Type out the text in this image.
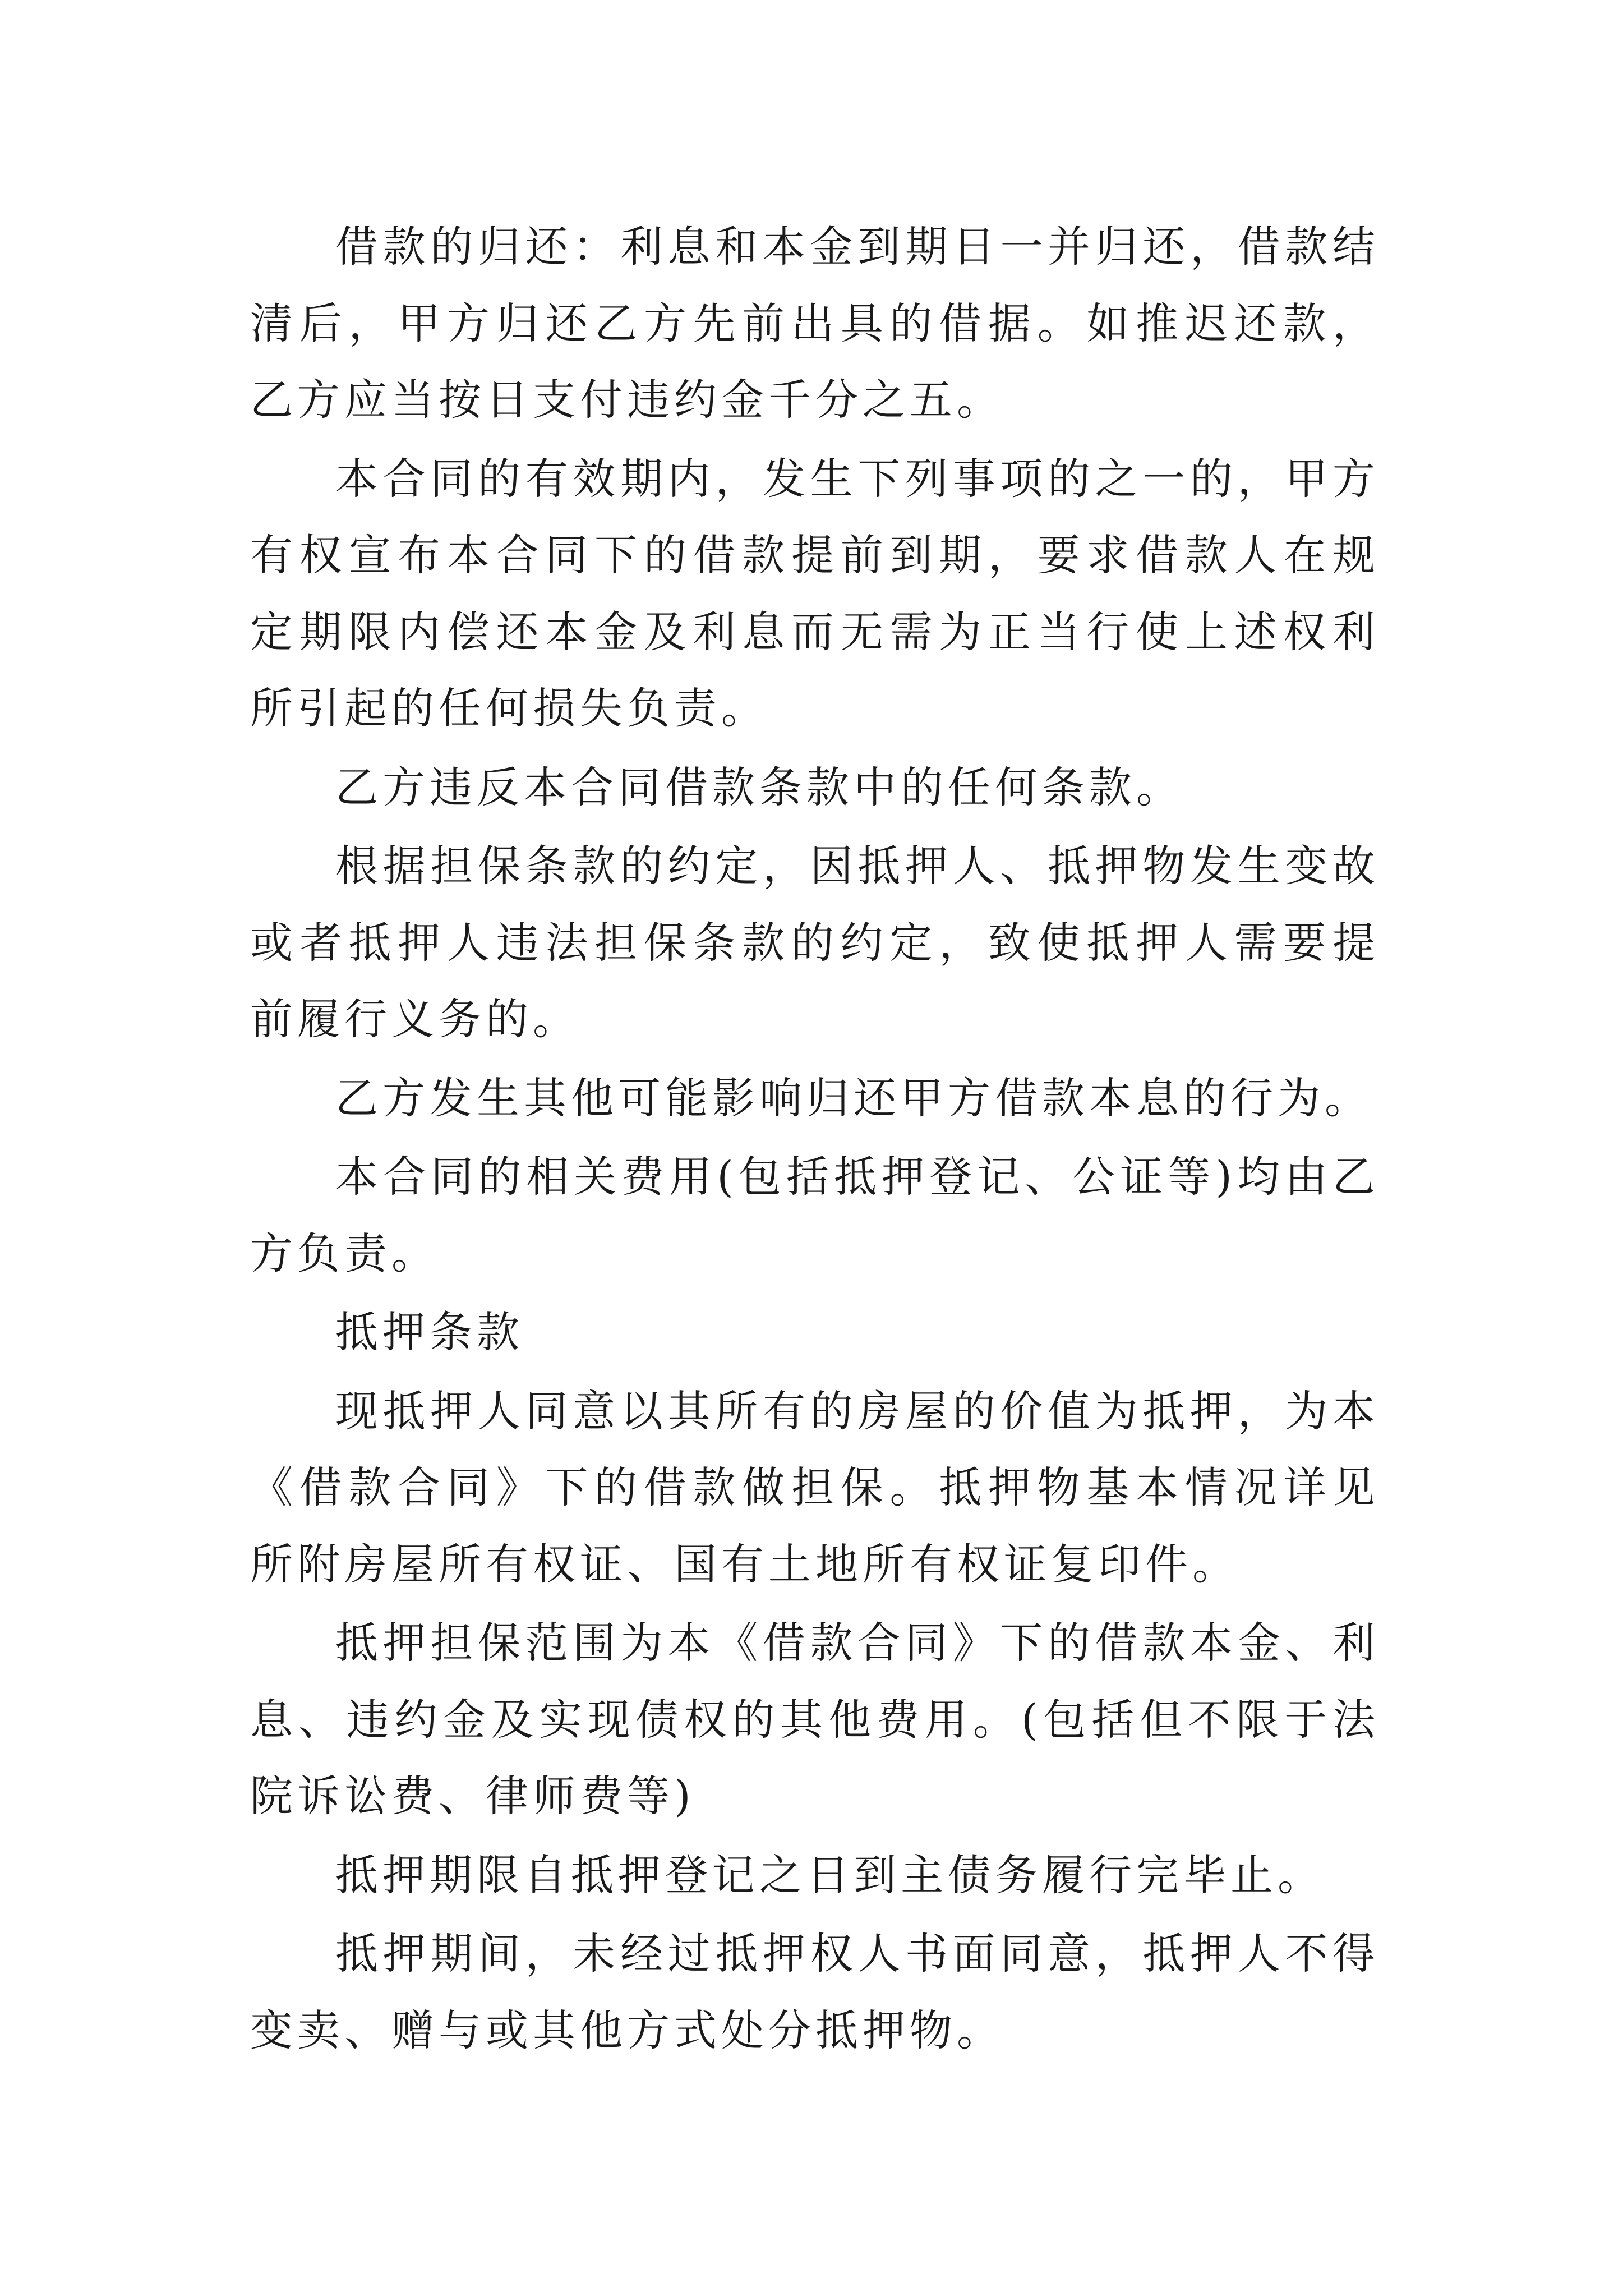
借款的归还：利息和本金到期日一并归还，借款结清后，甲方归还乙方先前出具的借据。如推迟还款，乙方应当按日支付违约金千分之五。

本合同的有效期内，发生下列事项的之一的，甲方有权宣布本合同下的借款提前到期，要求借款人在规定期限内偿还本金及利息而无需为正当行使上述权利所引起的任何损失负责。

乙方违反本合同借款条款中的任何条款。

根据担保条款的约定，因抵押人、抵押物发生变故或者抵押人违法担保条款的约定，致使抵押人需要提前履行义务的。

乙方发生其他可能影响归还甲方借款本息的行为。

本合同的相关费用(包括抵押登记、公证等)均由乙方负责。

抵押条款

现抵押人同意以其所有的房屋的价值为抵押，为本《借款合同》下的借款做担保。抵押物基本情况详见所附房屋所有权证、国有土地所有权证复印件。

抵押担保范围为本《借款合同》下的借款本金、利息、违约金及实现债权的其他费用。(包括但不限于法院诉讼费、律师费等)

抵押期限自抵押登记之日到主债务履行完毕止。

抵押期间，未经过抵押权人书面同意，抵押人不得变卖、赠与或其他方式处分抵押物。
